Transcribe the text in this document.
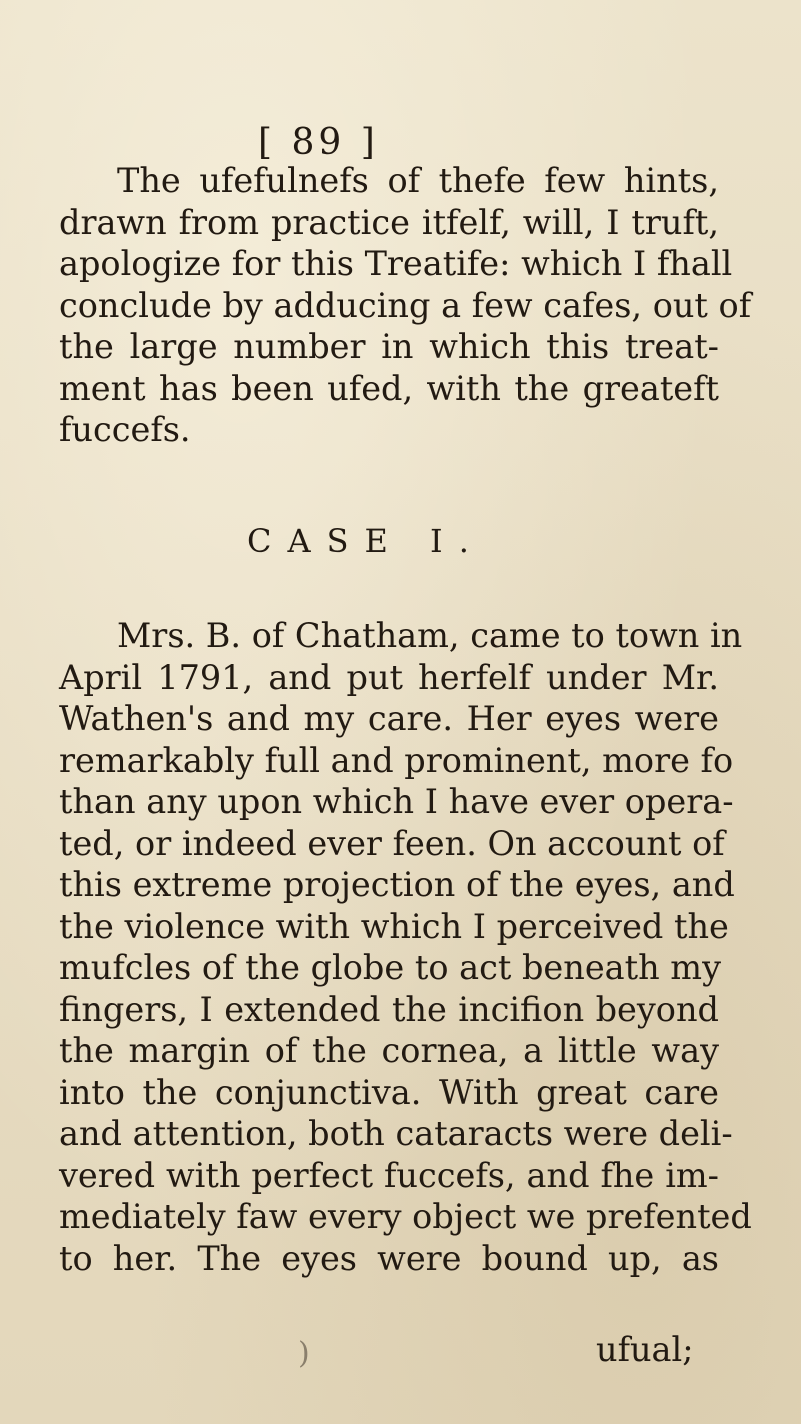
[ 89 ]
The ufefulnefs of thefe few hints,
drawn from practice itfelf, will, I truft,
apologize for this Treatife: which I fhall
conclude by adducing a few cafes, out of
the large number in which this treat-
ment has been ufed, with the greateft
fuccefs.
CASE I.
Mrs. B. of Chatham, came to town in
April 1791, and put herfelf under Mr.
Wathen's and my care. Her eyes were
remarkably full and prominent, more fo
than any upon which I have ever opera-
ted, or indeed ever feen. On account of
this extreme projection of the eyes, and
the violence with which I perceived the
mufcles of the globe to act beneath my
fingers, I extended the incifion beyond
the margin of the cornea, a little way
into the conjunctiva. With great care
and attention, both cataracts were deli-
vered with perfect fuccefs, and fhe im-
mediately faw every object we prefented
to her. The eyes were bound up, as

)	ufual;
